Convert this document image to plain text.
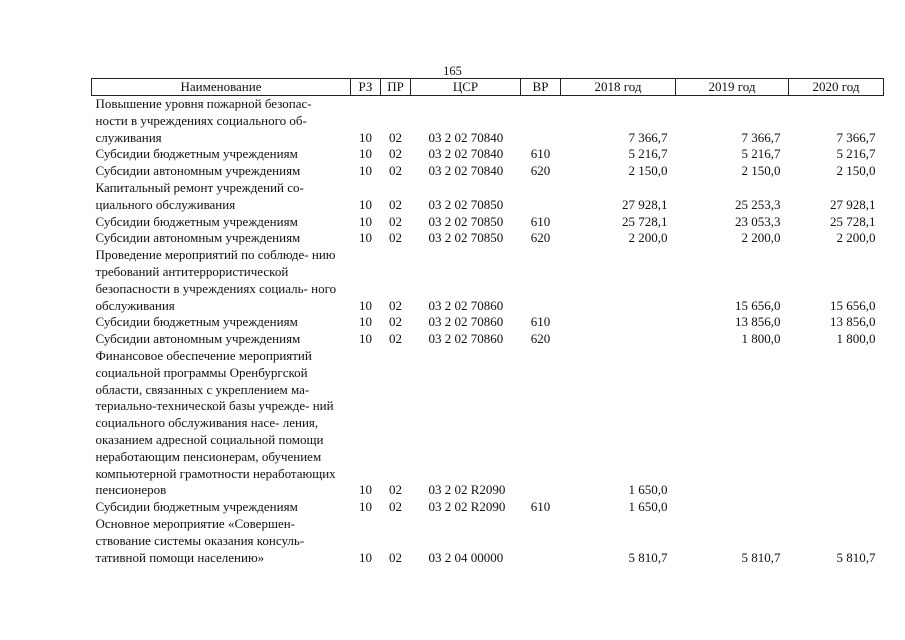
165
Наименование	РЗ	ПР	ЦСР	ВР	2018 год	2019 год	2020 год
Повышение уровня пожарной безопас- ности в учреждениях социального об- служивания	10	02	03 2 02 70840		7 366,7	7 366,7	7 366,7
Субсидии бюджетным учреждениям	10	02	03 2 02 70840	610	5 216,7	5 216,7	5 216,7
Субсидии автономным учреждениям	10	02	03 2 02 70840	620	2 150,0	2 150,0	2 150,0
Капитальный ремонт учреждений со- циального обслуживания	10	02	03 2 02 70850		27 928,1	25 253,3	27 928,1
Субсидии бюджетным учреждениям	10	02	03 2 02 70850	610	25 728,1	23 053,3	25 728,1
Субсидии автономным учреждениям	10	02	03 2 02 70850	620	2 200,0	2 200,0	2 200,0
Проведение мероприятий по соблюде- нию требований антитеррористической безопасности в учреждениях социаль- ного обслуживания	10	02	03 2 02 70860			15 656,0	15 656,0
Субсидии бюджетным учреждениям	10	02	03 2 02 70860	610		13 856,0	13 856,0
Субсидии автономным учреждениям	10	02	03 2 02 70860	620		1 800,0	1 800,0
Финансовое обеспечение мероприятий социальной программы Оренбургской области, связанных с укреплением ма- териально-технической базы учрежде- ний социального обслуживания насе- ления, оказанием адресной социальной помощи неработающим пенсионерам, обучением компьютерной грамотности неработающих пенсионеров	10	02	03 2 02 R2090		1 650,0		
Субсидии бюджетным учреждениям	10	02	03 2 02 R2090	610	1 650,0		
Основное мероприятие «Совершен- ствование системы оказания консуль- тативной помощи населению»	10	02	03 2 04 00000		5 810,7	5 810,7	5 810,7
